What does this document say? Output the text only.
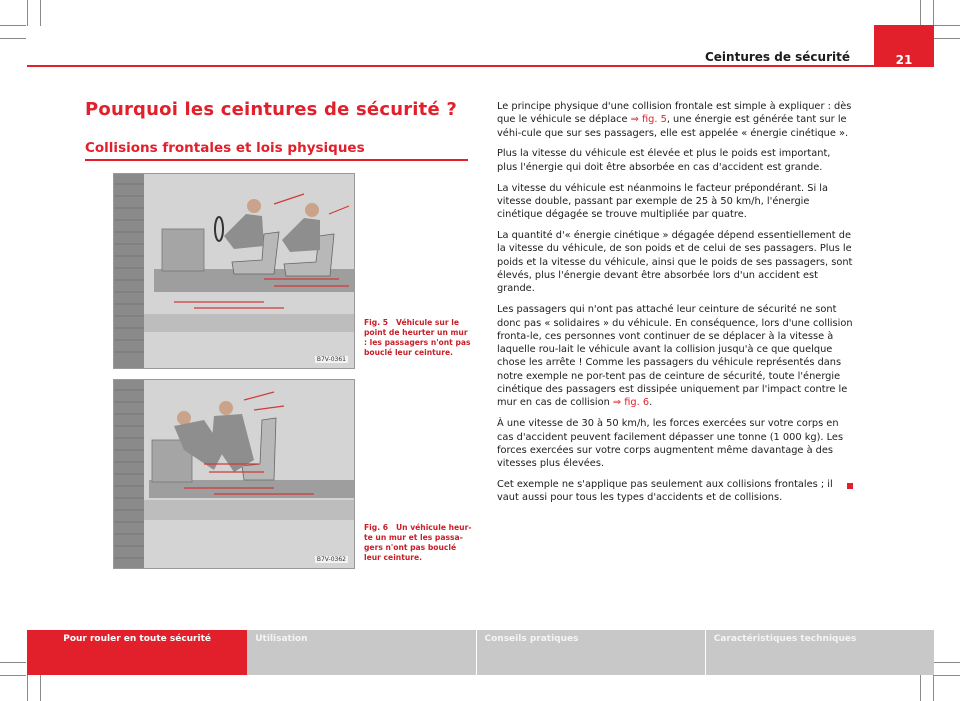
Ceintures de sécurité	21
Pourquoi les ceintures de sécurité ?
Collisions frontales et lois physiques
B7V-0361
Fig. 5 Véhicule sur le point de heurter un mur : les passagers n'ont pas bouclé leur ceinture.
B7V-0362
Fig. 6 Un véhicule heur-te un mur et les passa-gers n'ont pas bouclé leur ceinture.

Le principe physique d'une collision frontale est simple à expliquer : dès que le véhicule se déplace ⇒ fig. 5, une énergie est générée tant sur le véhi-cule que sur ses passagers, elle est appelée « énergie cinétique ».

Plus la vitesse du véhicule est élevée et plus le poids est important, plus l'énergie qui doit être absorbée en cas d'accident est grande.

La vitesse du véhicule est néanmoins le facteur prépondérant. Si la vitesse double, passant par exemple de 25 à 50 km/h, l'énergie cinétique dégagée se trouve multipliée par quatre.

La quantité d'« énergie cinétique » dégagée dépend essentiellement de la vitesse du véhicule, de son poids et de celui de ses passagers. Plus le poids et la vitesse du véhicule, ainsi que le poids de ses passagers, sont élevés, plus l'énergie devant être absorbée lors d'un accident est grande.

Les passagers qui n'ont pas attaché leur ceinture de sécurité ne sont donc pas « solidaires » du véhicule. En conséquence, lors d'une collision fronta-le, ces personnes vont continuer de se déplacer à la vitesse à laquelle rou-lait le véhicule avant la collision jusqu'à ce que quelque chose les arrête ! Comme les passagers du véhicule représentés dans notre exemple ne por-tent pas de ceinture de sécurité, toute l'énergie cinétique des passagers est dissipée uniquement par l'impact contre le mur en cas de collision ⇒ fig. 6.

À une vitesse de 30 à 50 km/h, les forces exercées sur votre corps en cas d'accident peuvent facilement dépasser une tonne (1 000 kg). Les forces exercées sur votre corps augmentent même davantage à des vitesses plus élevées.

Cet exemple ne s'applique pas seulement aux collisions frontales ; il vaut aussi pour tous les types d'accidents et de collisions.

Pour rouler en toute sécurité	Utilisation	Conseils pratiques	Caractéristiques techniques
